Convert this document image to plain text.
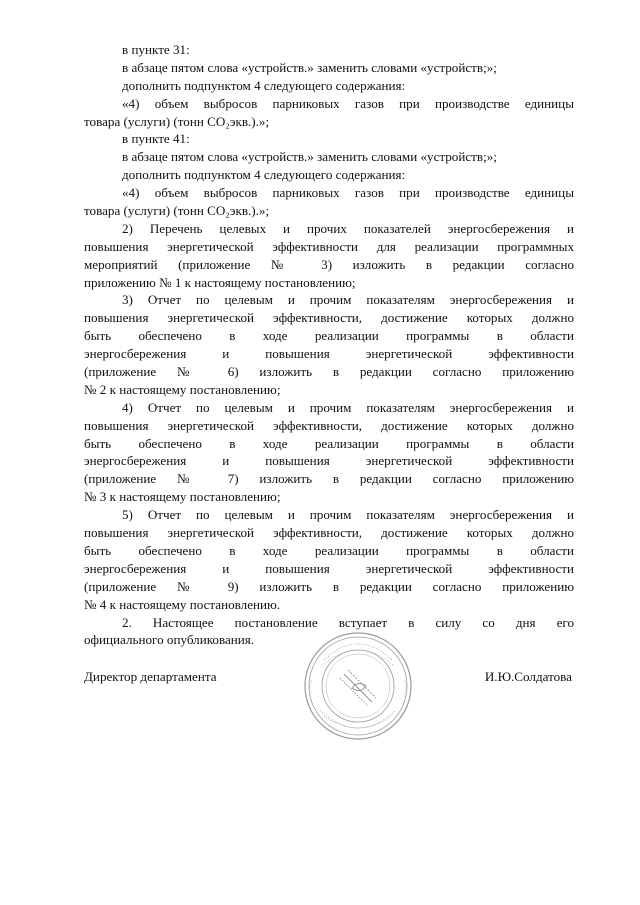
в пункте 31:
в абзаце пятом слова «устройств.» заменить словами «устройств;»;
дополнить подпунктом 4 следующего содержания:
«4) объем выбросов парниковых газов при производстве единицы
товара (услуги) (тонн CO₂экв.).»;
в пункте 41:
в абзаце пятом слова «устройств.» заменить словами «устройств;»;
дополнить подпунктом 4 следующего содержания:
«4) объем выбросов парниковых газов при производстве единицы
товара (услуги) (тонн CO₂экв.).»;
2) Перечень целевых и прочих показателей энергосбережения и
повышения энергетической эффективности для реализации программных
мероприятий (приложение № 3) изложить в редакции согласно
приложению № 1 к настоящему постановлению;
3) Отчет по целевым и прочим показателям энергосбережения и
повышения энергетической эффективности, достижение которых должно
быть обеспечено в ходе реализации программы в области
энергосбережения и повышения энергетической эффективности
(приложение № 6) изложить в редакции согласно приложению
№ 2 к настоящему постановлению;
4) Отчет по целевым и прочим показателям энергосбережения и
повышения энергетической эффективности, достижение которых должно
быть обеспечено в ходе реализации программы в области
энергосбережения и повышения энергетической эффективности
(приложение № 7) изложить в редакции согласно приложению
№ 3 к настоящему постановлению;
5) Отчет по целевым и прочим показателям энергосбережения и
повышения энергетической эффективности, достижение которых должно
быть обеспечено в ходе реализации программы в области
энергосбережения и повышения энергетической эффективности
(приложение № 9) изложить в редакции согласно приложению
№ 4 к настоящему постановлению.
2. Настоящее постановление вступает в силу со дня его
официального опубликования.
Директор департамента	И.Ю.Солдатова
